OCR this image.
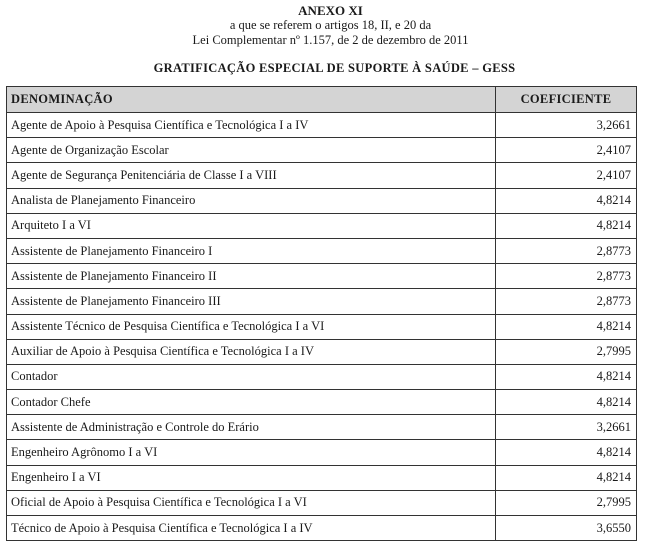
ANEXO XI
a que se referem o artigos 18, II, e 20 da
Lei Complementar nº 1.157, de 2 de dezembro de 2011
GRATIFICAÇÃO ESPECIAL DE SUPORTE À SAÚDE – GESS
DENOMINAÇÃO	COEFICIENTE
Agente de Apoio à Pesquisa Científica e Tecnológica I a IV	3,2661
Agente de Organização Escolar	2,4107
Agente de Segurança Penitenciária de Classe I a VIII	2,4107
Analista de Planejamento Financeiro	4,8214
Arquiteto I a VI	4,8214
Assistente de Planejamento Financeiro I	2,8773
Assistente de Planejamento Financeiro II	2,8773
Assistente de Planejamento Financeiro III	2,8773
Assistente Técnico de Pesquisa Científica e Tecnológica I a VI	4,8214
Auxiliar de Apoio à Pesquisa Científica e Tecnológica I a IV	2,7995
Contador	4,8214
Contador Chefe	4,8214
Assistente de Administração e Controle do Erário	3,2661
Engenheiro Agrônomo I a VI	4,8214
Engenheiro I a VI	4,8214
Oficial de Apoio à Pesquisa Científica e Tecnológica I a VI	2,7995
Técnico de Apoio à Pesquisa Científica e Tecnológica I a IV	3,6550
